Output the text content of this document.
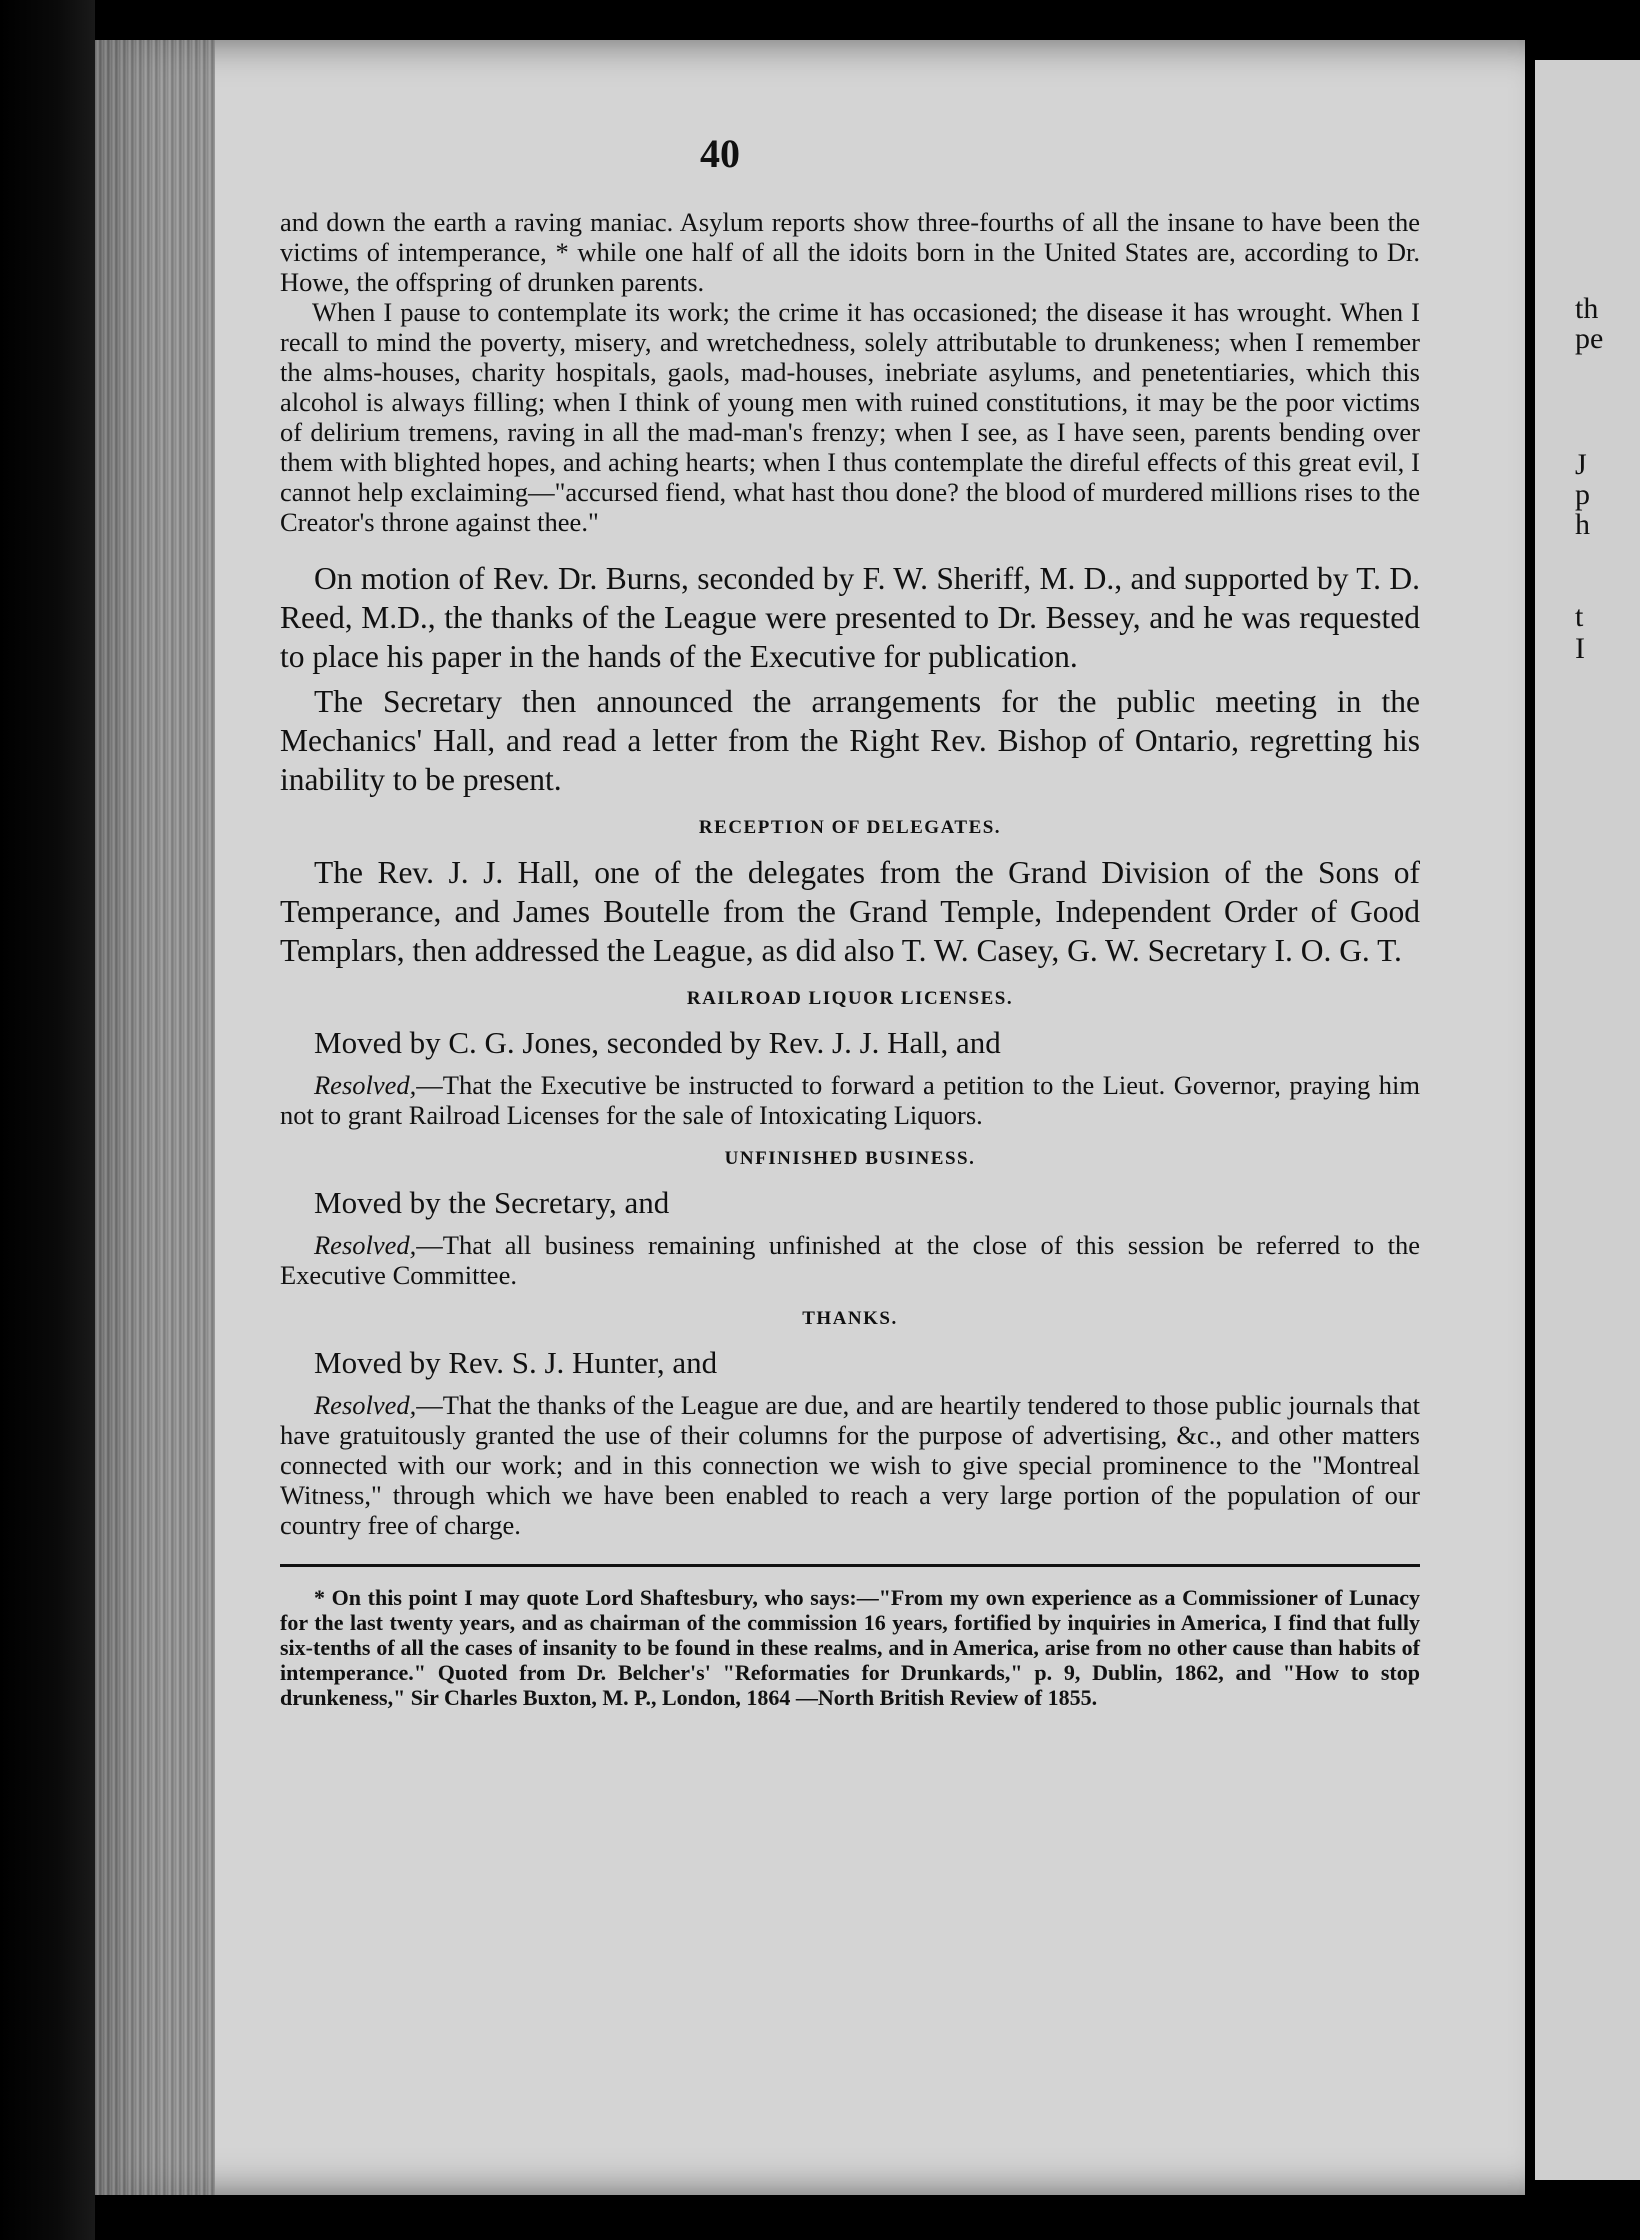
th
pe
J
p
h
t
I
40

and down the earth a raving maniac. Asylum reports show three-fourths of all the insane to have been the victims of intemperance, * while one half of all the idoits born in the United States are, according to Dr. Howe, the offspring of drunken parents.

When I pause to contemplate its work; the crime it has occasioned; the disease it has wrought. When I recall to mind the poverty, misery, and wretchedness, solely attributable to drunkeness; when I remember the alms-houses, charity hospitals, gaols, mad-houses, inebriate asylums, and penetentiaries, which this alcohol is always filling; when I think of young men with ruined constitutions, it may be the poor victims of delirium tremens, raving in all the mad-man's frenzy; when I see, as I have seen, parents bending over them with blighted hopes, and aching hearts; when I thus contemplate the direful effects of this great evil, I cannot help exclaiming—"accursed fiend, what hast thou done? the blood of murdered millions rises to the Creator's throne against thee."

On motion of Rev. Dr. Burns, seconded by F. W. Sheriff, M. D., and supported by T. D. Reed, M.D., the thanks of the League were presented to Dr. Bessey, and he was requested to place his paper in the hands of the Executive for publication.

The Secretary then announced the arrangements for the public meeting in the Mechanics' Hall, and read a letter from the Right Rev. Bishop of Ontario, regretting his inability to be present.

RECEPTION OF DELEGATES.

The Rev. J. J. Hall, one of the delegates from the Grand Division of the Sons of Temperance, and James Boutelle from the Grand Temple, Independent Order of Good Templars, then addressed the League, as did also T. W. Casey, G. W. Secretary I. O. G. T.

RAILROAD LIQUOR LICENSES.

Moved by C. G. Jones, seconded by Rev. J. J. Hall, and

Resolved,—That the Executive be instructed to forward a petition to the Lieut. Governor, praying him not to grant Railroad Licenses for the sale of Intoxicating Liquors.

UNFINISHED BUSINESS.

Moved by the Secretary, and

Resolved,—That all business remaining unfinished at the close of this session be referred to the Executive Committee.

THANKS.

Moved by Rev. S. J. Hunter, and

Resolved,—That the thanks of the League are due, and are heartily tendered to those public journals that have gratuitously granted the use of their columns for the purpose of advertising, &c., and other matters connected with our work; and in this connection we wish to give special prominence to the "Montreal Witness," through which we have been enabled to reach a very large portion of the population of our country free of charge.

* On this point I may quote Lord Shaftesbury, who says:—"From my own experience as a Commissioner of Lunacy for the last twenty years, and as chairman of the commission 16 years, fortified by inquiries in America, I find that fully six-tenths of all the cases of insanity to be found in these realms, and in America, arise from no other cause than habits of intemperance." Quoted from Dr. Belcher's' "Reformaties for Drunkards," p. 9, Dublin, 1862, and "How to stop drunkeness," Sir Charles Buxton, M. P., London, 1864 —North British Review of 1855.
